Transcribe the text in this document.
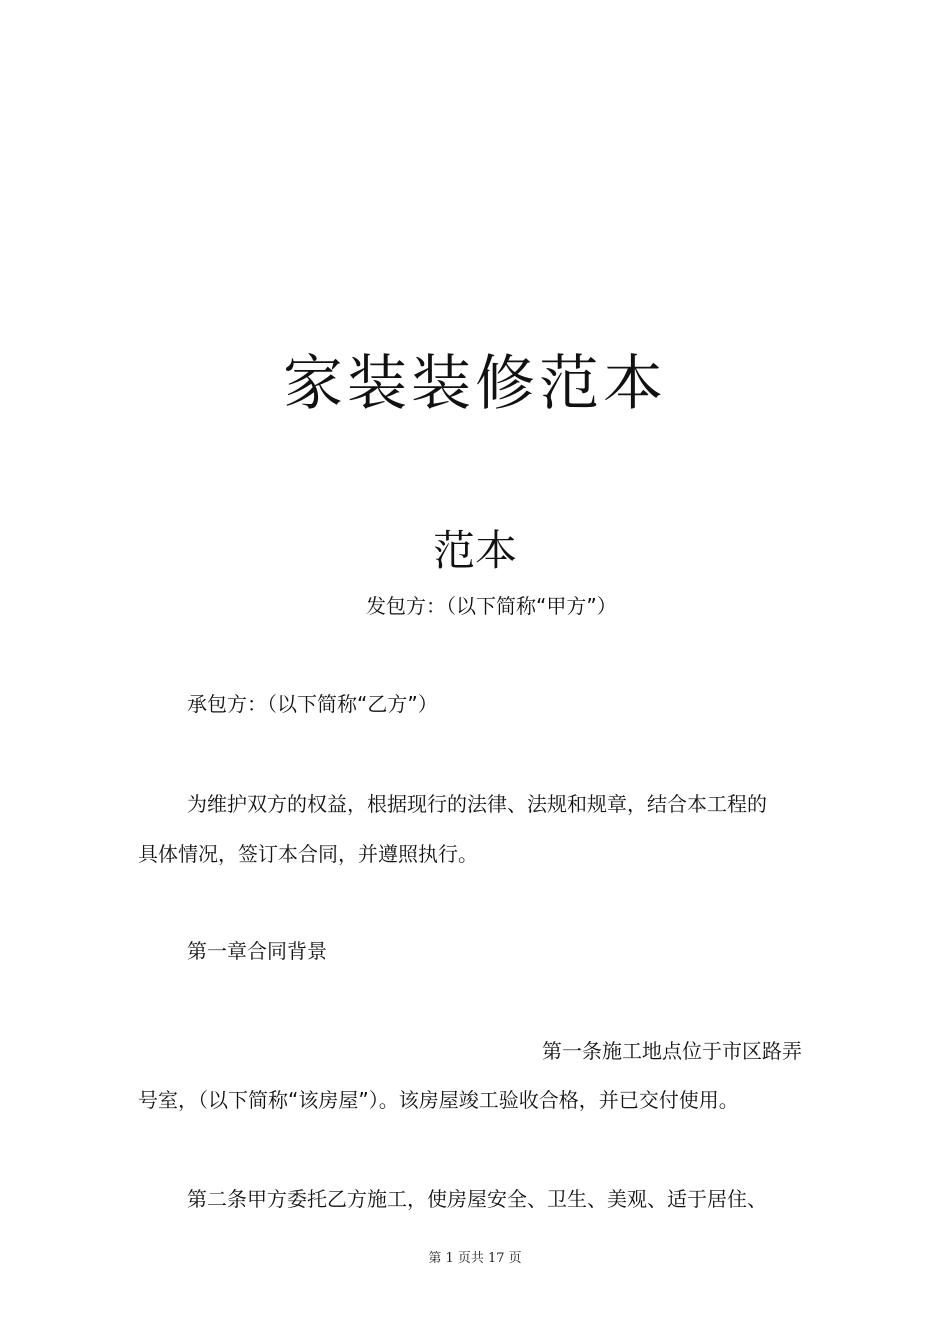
家装装修范本
范本
发包方：（以下简称“甲方”）
承包方：（以下简称“乙方”）
为维护双方的权益，根据现行的法律、法规和规章，结合本工程的
具体情况，签订本合同，并遵照执行。
第一章合同背景
第一条施工地点位于市区路弄
号室，（以下简称“该房屋”）。该房屋竣工验收合格，并已交付使用。
第二条甲方委托乙方施工，使房屋安全、卫生、美观、适于居住、
第 1 页共 17 页
